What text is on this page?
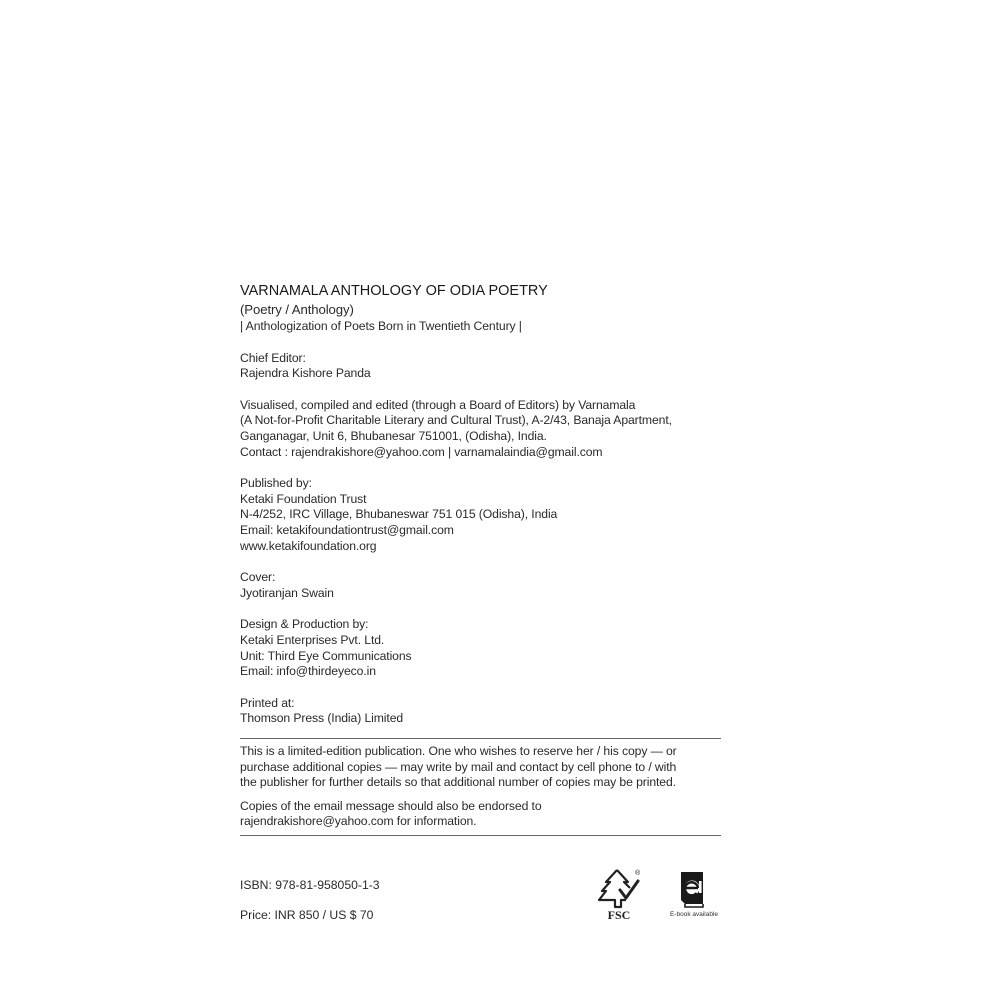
VARNAMALA ANTHOLOGY OF ODIA POETRY
(Poetry / Anthology)
| Anthologization of Poets Born in Twentieth Century |
Chief Editor:
Rajendra Kishore Panda
Visualised, compiled and edited (through a Board of Editors) by Varnamala
(A Not-for-Profit Charitable Literary and Cultural Trust), A-2/43, Banaja Apartment,
Ganganagar, Unit 6, Bhubanesar 751001, (Odisha), India.
Contact : rajendrakishore@yahoo.com | varnamalaindia@gmail.com
Published by:
Ketaki Foundation Trust
N-4/252, IRC Village, Bhubaneswar 751 015 (Odisha), India
Email: ketakifoundationtrust@gmail.com
www.ketakifoundation.org
Cover:
Jyotiranjan Swain
Design & Production by:
Ketaki Enterprises Pvt. Ltd.
Unit: Third Eye Communications
Email: info@thirdeyeco.in
Printed at:
Thomson Press (India) Limited
This is a limited-edition publication. One who wishes to reserve her / his copy — or
purchase additional copies — may write by mail and contact by cell phone to / with
the publisher for further details so that additional number of copies may be printed.
Copies of the email message should also be endorsed to
rajendrakishore@yahoo.com for information.
ISBN: 978-81-958050-1-3
Price: INR 850 / US $ 70
®
FSC	E-book available
